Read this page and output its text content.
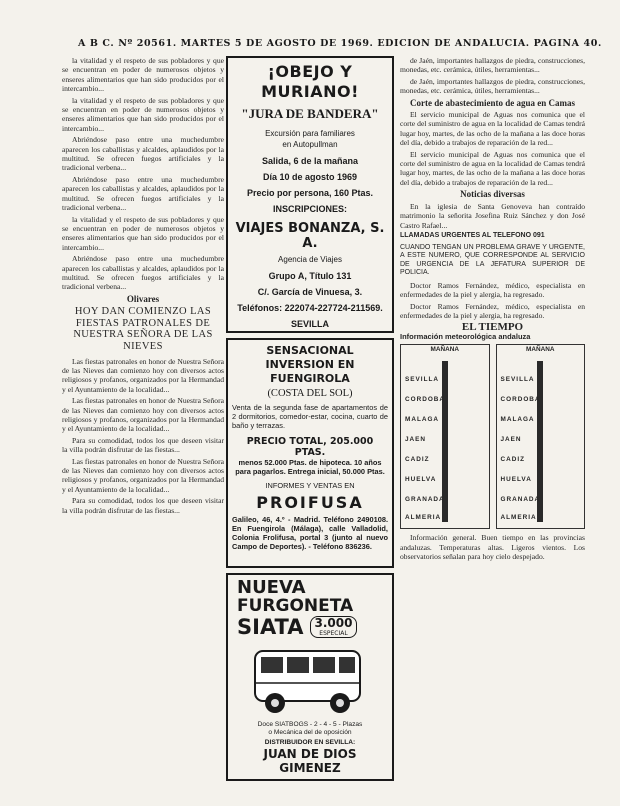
A B C. Nº 20561. MARTES 5 DE AGOSTO DE 1969. EDICION DE ANDALUCIA. PAGINA 40.

la vitalidad y el respeto de sus pobladores y que se encuentran en poder de numerosos objetos y enseres alimentarios que han sido producidos por el intercambio...

la vitalidad y el respeto de sus pobladores y que se encuentran en poder de numerosos objetos y enseres alimentarios que han sido producidos por el intercambio...

Abriéndose paso entre una muchedumbre aparecen los caballistas y alcaldes, aplaudidos por la multitud. Se ofrecen fuegos artificiales y la tradicional verbena...

Abriéndose paso entre una muchedumbre aparecen los caballistas y alcaldes, aplaudidos por la multitud. Se ofrecen fuegos artificiales y la tradicional verbena...

la vitalidad y el respeto de sus pobladores y que se encuentran en poder de numerosos objetos y enseres alimentarios que han sido producidos por el intercambio...

Abriéndose paso entre una muchedumbre aparecen los caballistas y alcaldes, aplaudidos por la multitud. Se ofrecen fuegos artificiales y la tradicional verbena...

Olivares
HOY DAN COMIENZO LAS FIESTAS PATRONALES DE NUESTRA SEÑORA DE LAS NIEVES

Las fiestas patronales en honor de Nuestra Señora de las Nieves dan comienzo hoy con diversos actos religiosos y profanos, organizados por la Hermandad y el Ayuntamiento de la localidad...

Las fiestas patronales en honor de Nuestra Señora de las Nieves dan comienzo hoy con diversos actos religiosos y profanos, organizados por la Hermandad y el Ayuntamiento de la localidad...

Para su comodidad, todos los que deseen visitar la villa podrán disfrutar de las fiestas...

Las fiestas patronales en honor de Nuestra Señora de las Nieves dan comienzo hoy con diversos actos religiosos y profanos, organizados por la Hermandad y el Ayuntamiento de la localidad...

Para su comodidad, todos los que deseen visitar la villa podrán disfrutar de las fiestas...

¡OBEJO Y MURIANO!
"JURA DE BANDERA"
Excursión para familiares
en Autopullman
Salida, 6 de la mañana
Día 10 de agosto 1969
Precio por persona, 160 Ptas.
INSCRIPCIONES:
VIAJES BONANZA, S. A.
Agencia de Viajes
Grupo A, Título 131
C/. García de Vinuesa, 3.
Teléfonos: 222074-227724-211569.
SEVILLA
SENSACIONAL INVERSION EN FUENGIROLA
(COSTA DEL SOL)
Venta de la segunda fase de apartamentos de 2 dormitorios, comedor-estar, cocina, cuarto de baño y terrazas.
PRECIO TOTAL, 205.000 PTAS.
menos 52.000 Ptas. de hipoteca. 10 años para pagarlos. Entrega inicial, 50.000 Ptas.
INFORMES Y VENTAS EN
PROIFUSA
Galileo, 46, 4.º - Madrid. Teléfono 2490108. En Fuengirola (Málaga), calle Valladolid, Colonia Frolifusa, portal 3 (junto al nuevo Campo de Deportes). - Teléfono 836236.
NUEVA
FURGONETA
SIATA 3.000
ESPECIAL
Doce SIATBOGS - 2 - 4 - 5 - Plazas
o Mecánica del de oposición
DISTRIBUIDOR EN SEVILLA:
JUAN DE DIOS GIMENEZ

de Jaén, importantes hallazgos de piedra, construcciones, monedas, etc. cerámica, útiles, herramientas...

de Jaén, importantes hallazgos de piedra, construcciones, monedas, etc. cerámica, útiles, herramientas...

Corte de abastecimiento de agua en Camas

El servicio municipal de Aguas nos comunica que el corte del suministro de agua en la localidad de Camas tendrá lugar hoy, martes, de las ocho de la mañana a las doce horas del día, debido a trabajos de reparación de la red...

El servicio municipal de Aguas nos comunica que el corte del suministro de agua en la localidad de Camas tendrá lugar hoy, martes, de las ocho de la mañana a las doce horas del día, debido a trabajos de reparación de la red...

Noticias diversas

En la iglesia de Santa Genoveva han contraído matrimonio la señorita Josefina Ruiz Sánchez y don José Castro Rafael...

LLAMADAS URGENTES AL TELEFONO 091
CUANDO TENGAN UN PROBLEMA GRAVE Y URGENTE, A ESTE NUMERO, QUE CORRESPONDE AL SERVICIO DE URGENCIA DE LA JEFATURA SUPERIOR DE POLICIA.

Doctor Ramos Fernández, médico, especialista en enfermedades de la piel y alergia, ha regresado.

Doctor Ramos Fernández, médico, especialista en enfermedades de la piel y alergia, ha regresado.

EL TIEMPO
Información meteorológica andaluza
MAÑANA
SEVILLA
CORDOBA
MALAGA
JAEN
CADIZ
HUELVA
GRANADA
ALMERIA
MAÑANA
SEVILLA
CORDOBA
MALAGA
JAEN
CADIZ
HUELVA
GRANADA
ALMERIA

Información general. Buen tiempo en las provincias andaluzas. Temperaturas altas. Ligeros vientos. Los observatorios señalan para hoy cielo despejado.
